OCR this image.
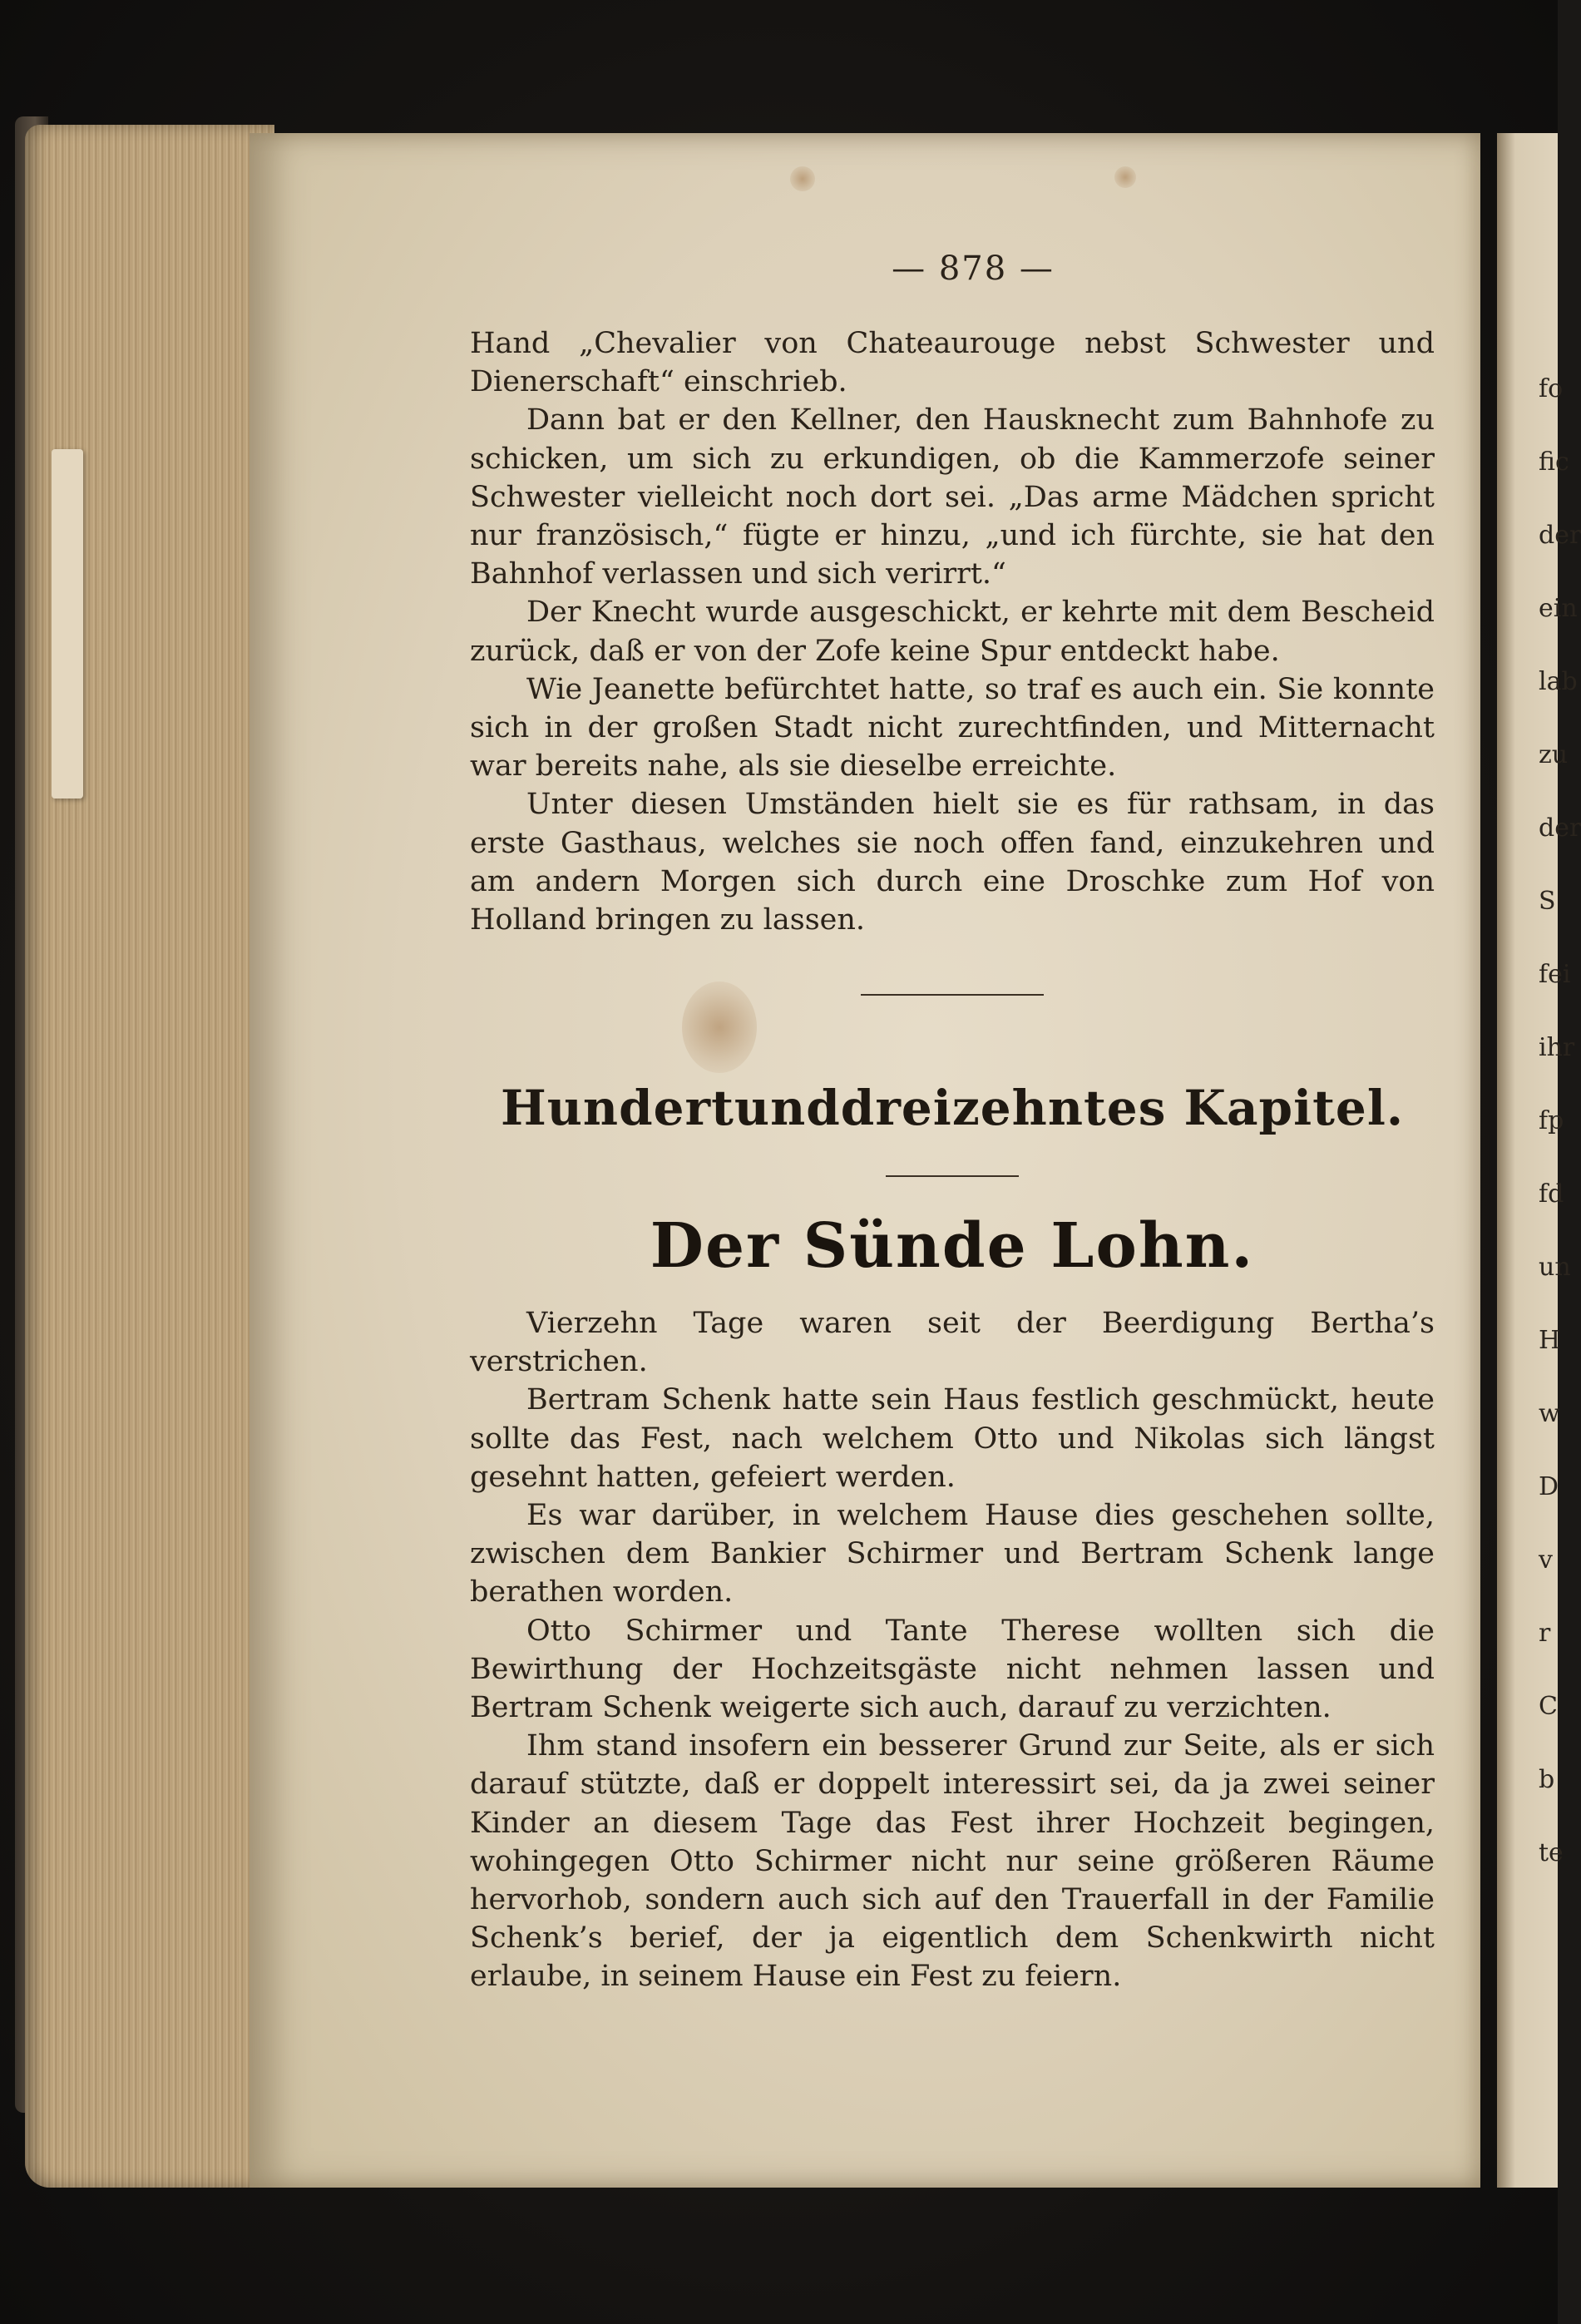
fo
fic
der
ein
lab
zu
der
S
fei
ihr
fp
fd
un
H
w
D
v
r
C
b
te
— 878 —

Hand „Chevalier von Chateaurouge nebst Schwester und Dienerschaft“ einschrieb.

Dann bat er den Kellner, den Hausknecht zum Bahnhofe zu schicken, um sich zu erkundigen, ob die Kammerzofe seiner Schwester vielleicht noch dort sei. „Das arme Mädchen spricht nur französisch,“ fügte er hinzu, „und ich fürchte, sie hat den Bahnhof verlassen und sich verirrt.“

Der Knecht wurde ausgeschickt, er kehrte mit dem Bescheid zurück, daß er von der Zofe keine Spur entdeckt habe.

Wie Jeanette befürchtet hatte, so traf es auch ein. Sie konnte sich in der großen Stadt nicht zurechtfinden, und Mitternacht war bereits nahe, als sie dieselbe erreichte.

Unter diesen Umständen hielt sie es für rathsam, in das erste Gasthaus, welches sie noch offen fand, einzukehren und am andern Morgen sich durch eine Droschke zum Hof von Holland bringen zu lassen.

Hundertunddreizehntes Kapitel.
Der Sünde Lohn.

Vierzehn Tage waren seit der Beerdigung Bertha’s verstrichen.

Bertram Schenk hatte sein Haus festlich geschmückt, heute sollte das Fest, nach welchem Otto und Nikolas sich längst gesehnt hatten, gefeiert werden.

Es war darüber, in welchem Hause dies geschehen sollte, zwischen dem Bankier Schirmer und Bertram Schenk lange berathen worden.

Otto Schirmer und Tante Therese wollten sich die Bewirthung der Hochzeitsgäste nicht nehmen lassen und Bertram Schenk weigerte sich auch, darauf zu verzichten.

Ihm stand insofern ein besserer Grund zur Seite, als er sich darauf stützte, daß er doppelt interessirt sei, da ja zwei seiner Kinder an diesem Tage das Fest ihrer Hochzeit begingen, wohingegen Otto Schirmer nicht nur seine größeren Räume hervorhob, sondern auch sich auf den Trauerfall in der Familie Schenk’s berief, der ja eigentlich dem Schenkwirth nicht erlaube, in seinem Hause ein Fest zu feiern.
